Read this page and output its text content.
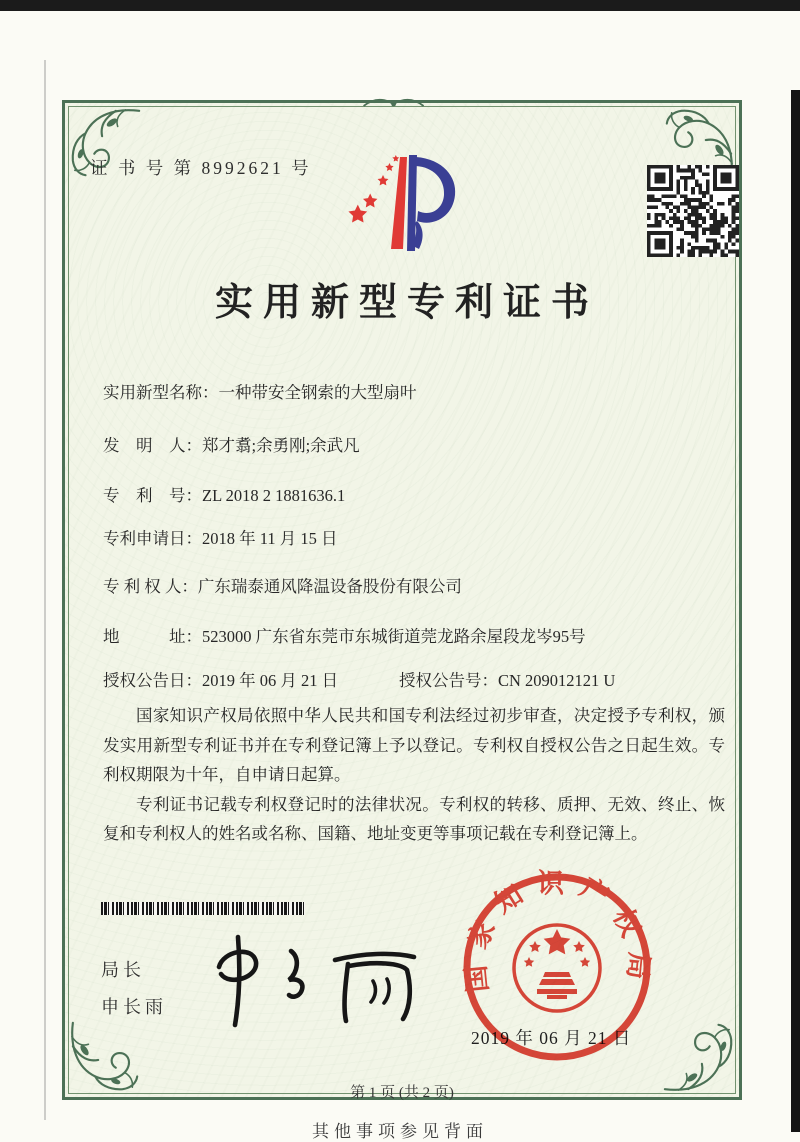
证 书 号 第 8992621 号
实用新型专利证书
实用新型名称：一种带安全钢索的大型扇叶
发　明　人：郑才翥;余勇刚;余武凡
专　利　号：ZL 2018 2 1881636.1
专利申请日：2018 年 11 月 15 日
专 利 权 人：广东瑞泰通风降温设备股份有限公司
地　　　址：523000 广东省东莞市东城街道莞龙路余屋段龙岑95号
授权公告日：2019 年 06 月 21 日	授权公告号：CN 209012121 U

国家知识产权局依照中华人民共和国专利法经过初步审查，决定授予专利权，颁发实用新型专利证书并在专利登记簿上予以登记。专利权自授权公告之日起生效。专利权期限为十年，自申请日起算。

专利证书记载专利权登记时的法律状况。专利权的转移、质押、无效、终止、恢复和专利权人的姓名或名称、国籍、地址变更等事项记载在专利登记簿上。

局长
申长雨
2019 年 06 月 21 日
国家知识产权局
第 1 页 (共 2 页)
其他事项参见背面
